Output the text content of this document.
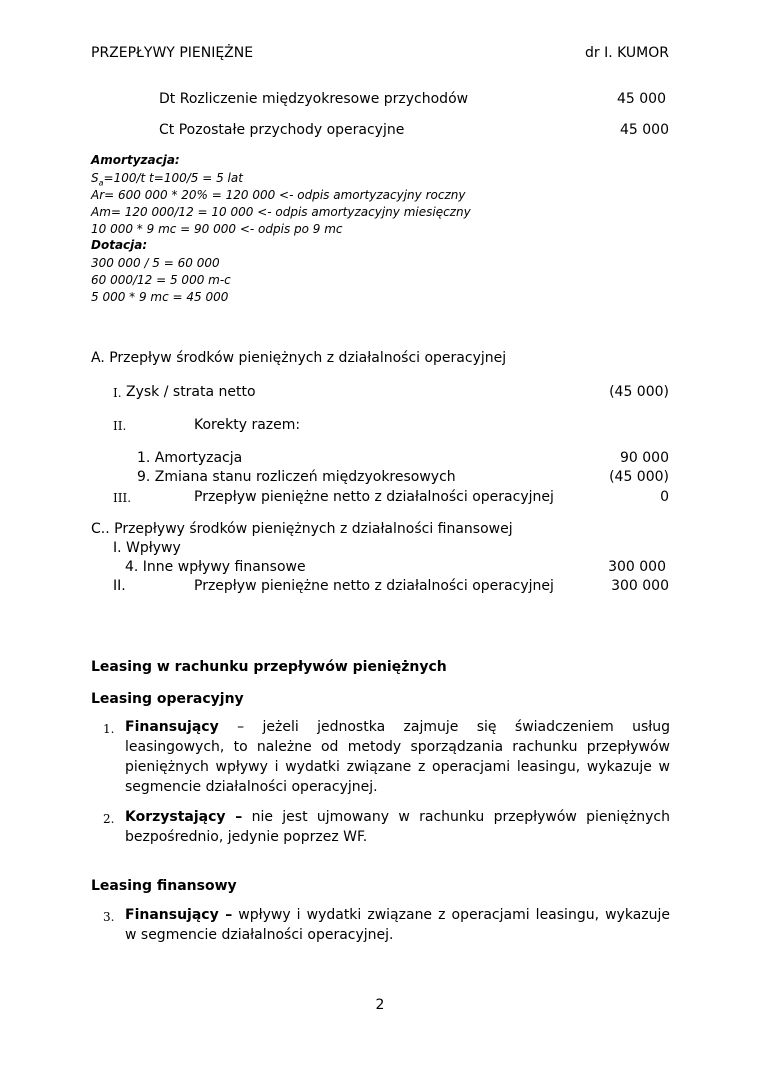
PRZEPŁYWY PIENIĘŻNE	dr I. KUMOR
Dt Rozliczenie międzyokresowe przychodów	45 000
Ct Pozostałe przychody operacyjne	45 000
Amortyzacja:
$S_a=100/t$ t=100/5 = 5 lat
Ar= 600 000 * 20% = 120 000 <- odpis amortyzacyjny roczny
Am= 120 000/12 = 10 000 <- odpis amortyzacyjny miesięczny
10 000 * 9 mc = 90 000 <- odpis po 9 mc
Dotacja:
300 000 / 5 = 60 000
60 000/12 = 5 000 m-c
5 000 * 9 mc = 45 000
A. Przepływ środków pieniężnych z działalności operacyjnej
I. Zysk / strata netto	(45 000)
II.	Korekty razem:
1. Amortyzacja	90 000
9. Zmiana stanu rozliczeń międzyokresowych	(45 000)
III.	Przepływ pieniężne netto z działalności operacyjnej	0
C.. Przepływy środków pieniężnych z działalności finansowej
I. Wpływy
4. Inne wpływy finansowe	300 000
II.	Przepływ pieniężne netto z działalności operacyjnej	300 000
Leasing w rachunku przepływów pieniężnych
Leasing operacyjny
1. Finansujący – jeżeli jednostka zajmuje się świadczeniem usług leasingowych, to należne od metody sporządzania rachunku przepływów pieniężnych wpływy i wydatki związane z operacjami leasingu, wykazuje w segmencie działalności operacyjnej.
2. Korzystający – nie jest ujmowany w rachunku przepływów pieniężnych bezpośrednio, jedynie poprzez WF.
Leasing finansowy
3. Finansujący – wpływy i wydatki związane z operacjami leasingu, wykazuje w segmencie działalności operacyjnej.
2
